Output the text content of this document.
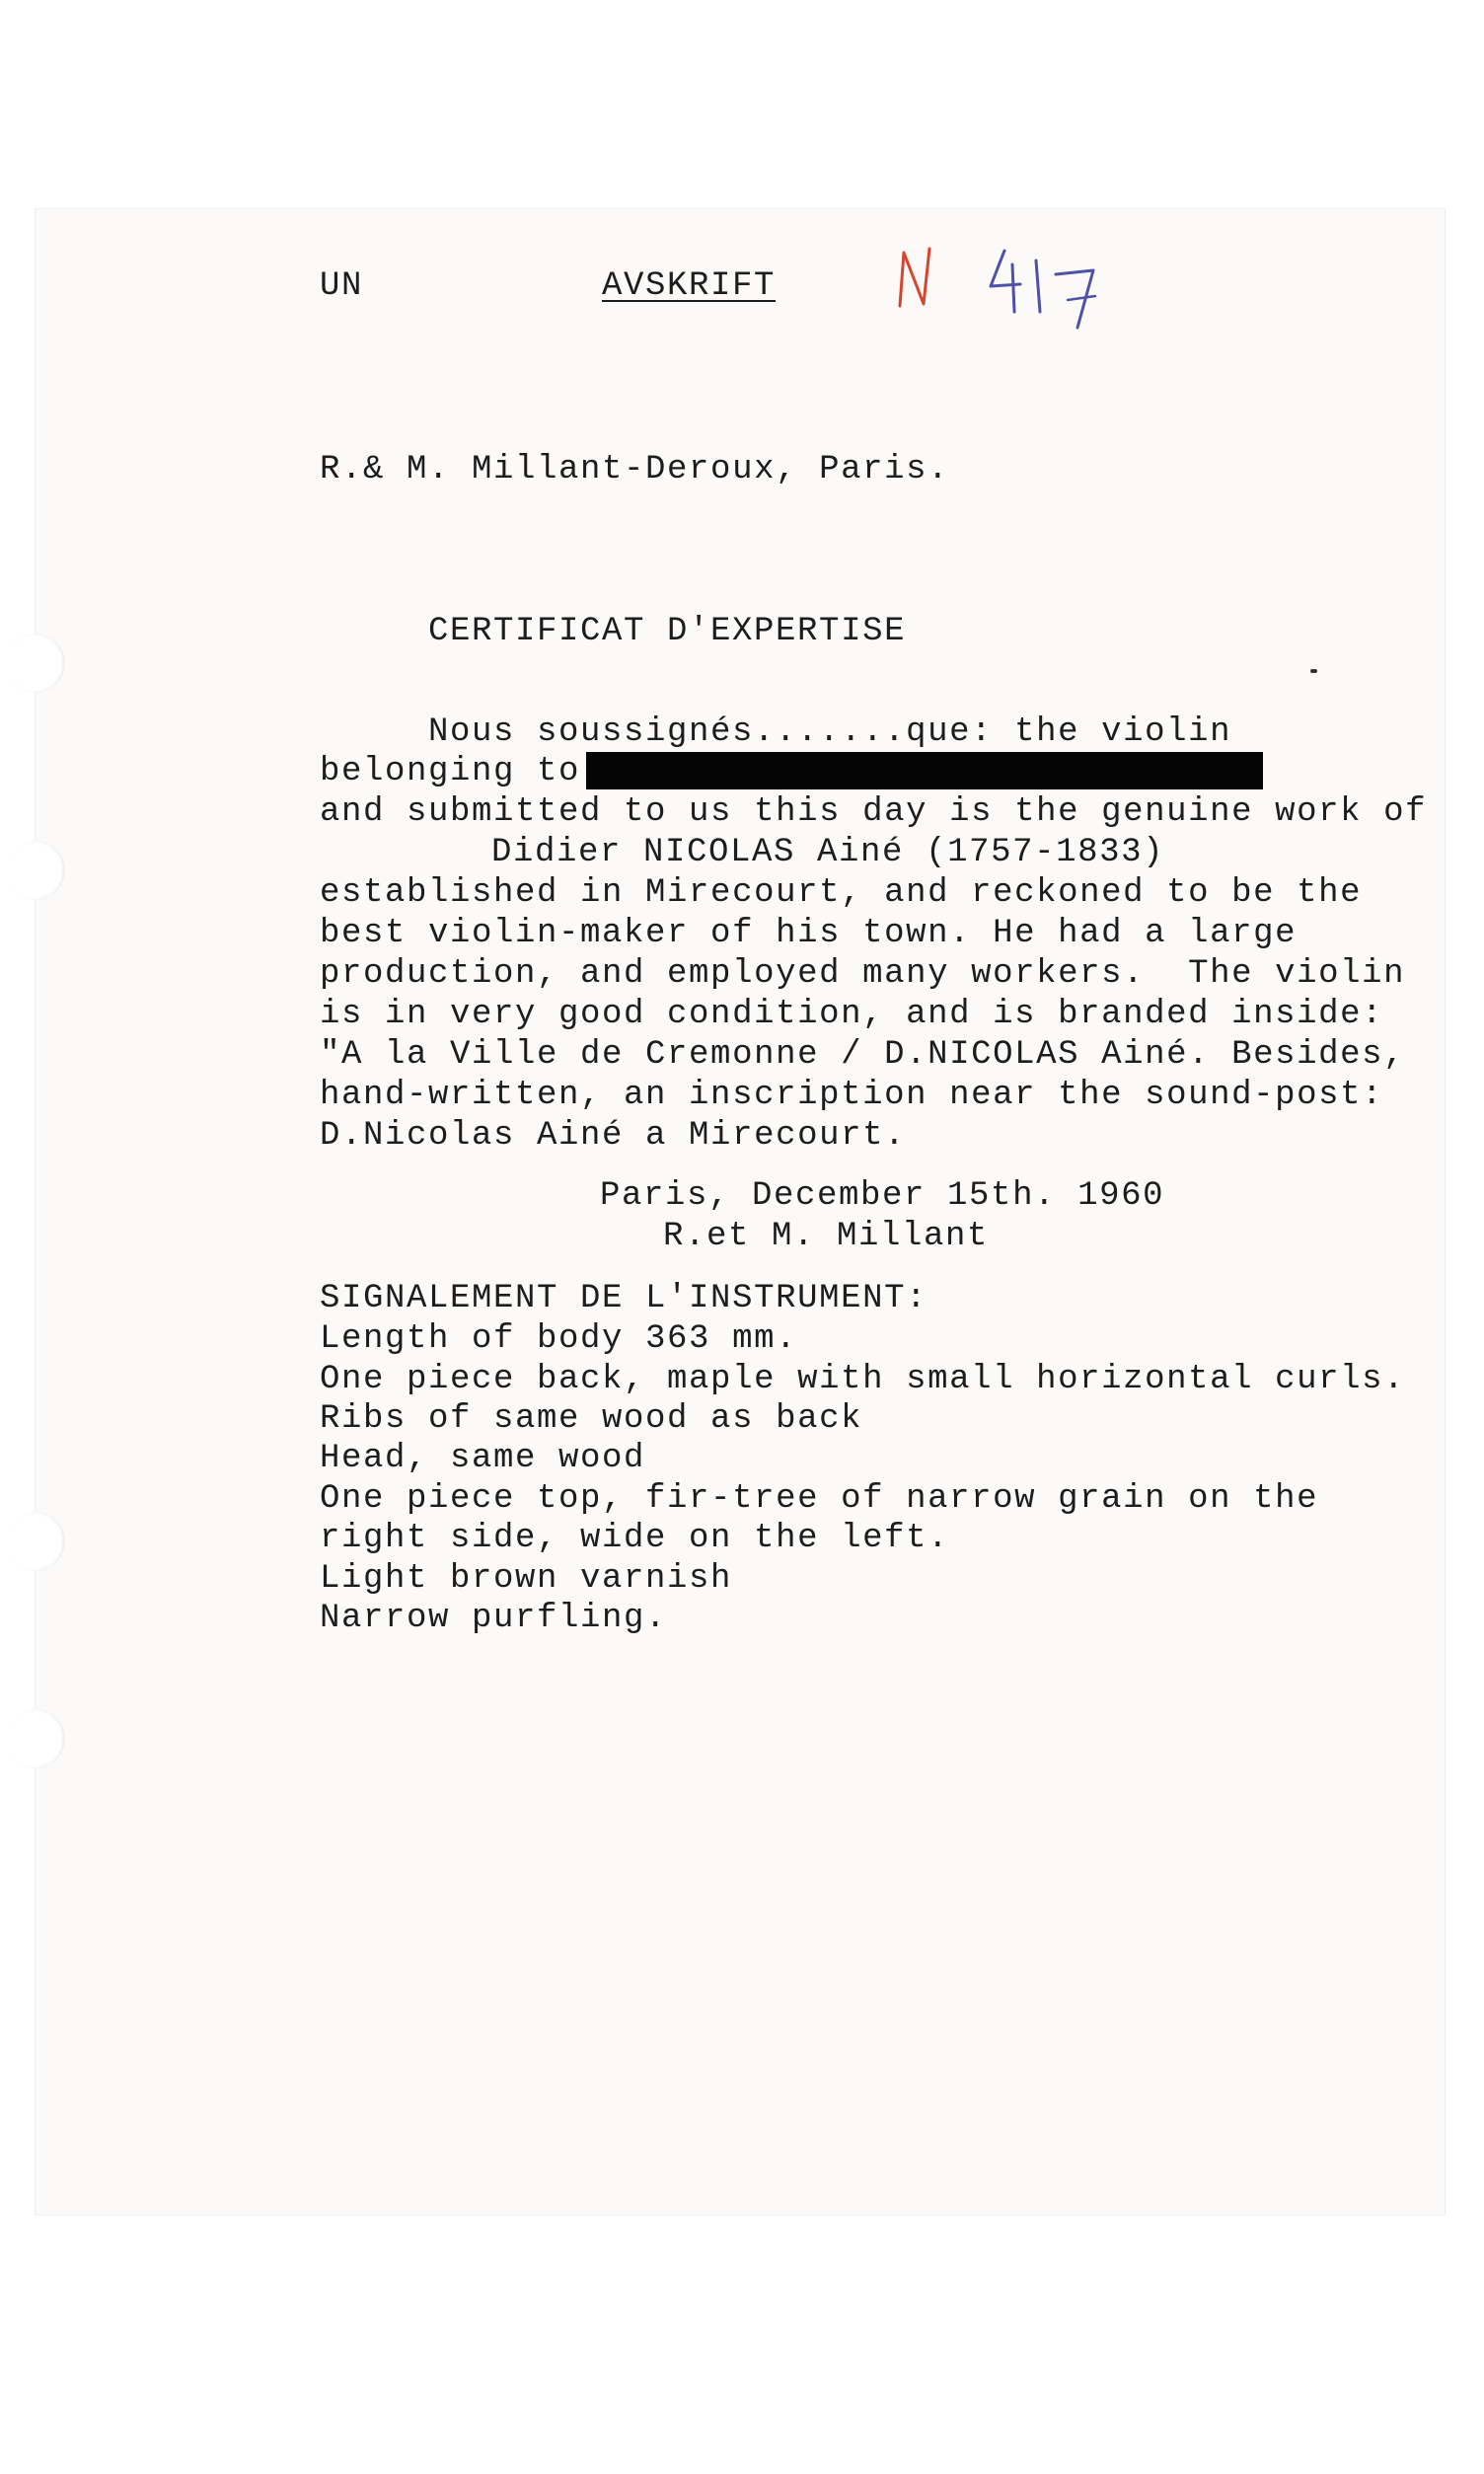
UN	AVSKRIFT

R.& M. Millant-Deroux, Paris.

CERTIFICAT D'EXPERTISE

Nous soussignés.......que: the violin

belonging to

and submitted to us this day is the genuine work of

Didier NICOLAS Ainé (1757-1833)

established in Mirecourt, and reckoned to be the

best violin-maker of his town. He had a large

production, and employed many workers.  The violin

is in very good condition, and is branded inside:

"A la Ville de Cremonne / D.NICOLAS Ainé. Besides,

hand-written, an inscription near the sound-post:

D.Nicolas Ainé a Mirecourt.

Paris, December 15th. 1960

R.et M. Millant

SIGNALEMENT DE L'INSTRUMENT:

Length of body 363 mm.

One piece back, maple with small horizontal curls.

Ribs of same wood as back

Head, same wood

One piece top, fir-tree of narrow grain on the

right side, wide on the left.

Light brown varnish

Narrow purfling.
